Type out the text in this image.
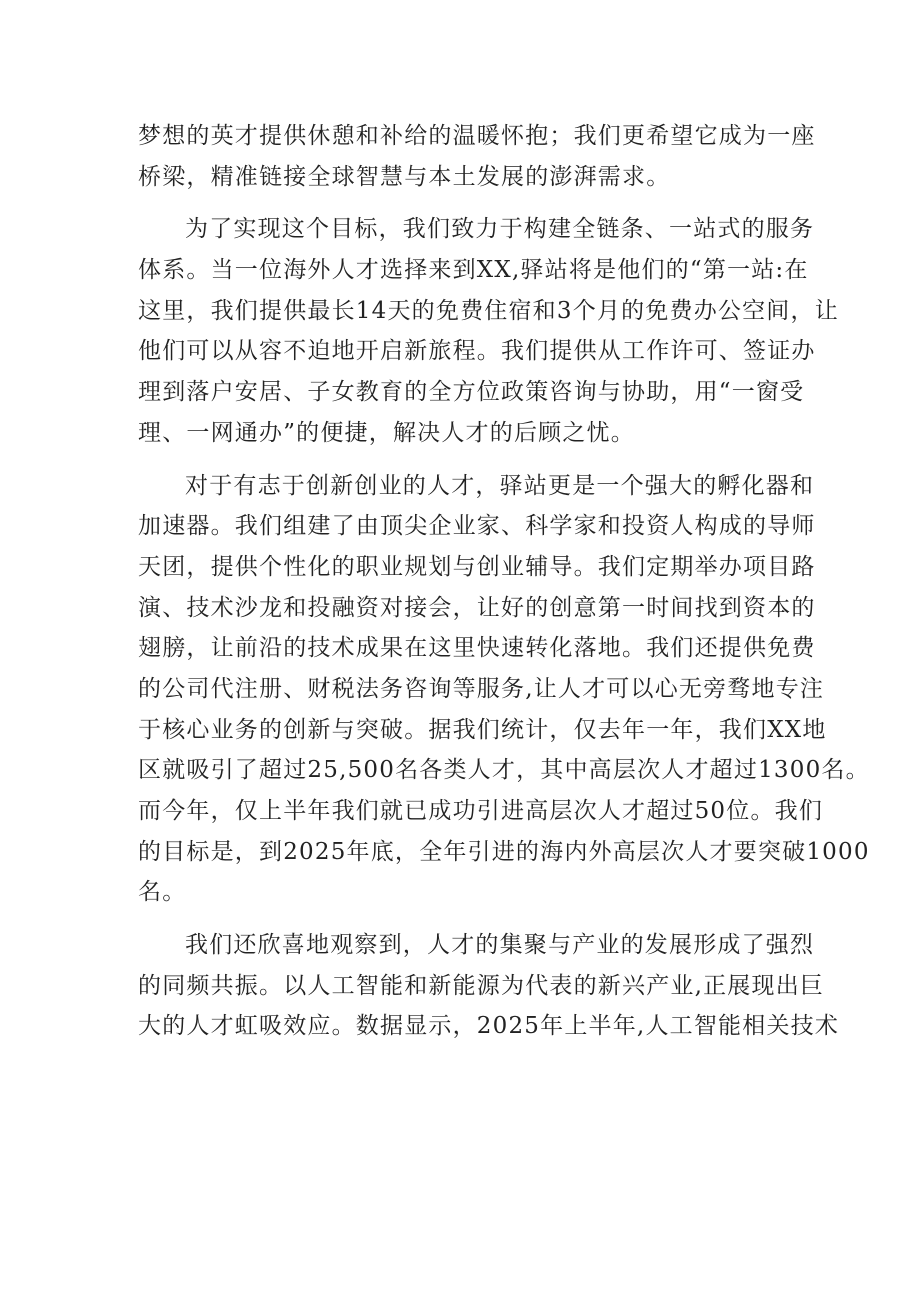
梦想的英才提供休憩和补给的温暖怀抱；我们更希望它成为一座
桥梁，精准链接全球智慧与本土发展的澎湃需求。
为了实现这个目标，我们致力于构建全链条、一站式的服务
体系。当一位海外人才选择来到XX,驿站将是他们的“第一站:在
这里，我们提供最长14天的免费住宿和3个月的免费办公空间，让
他们可以从容不迫地开启新旅程。我们提供从工作许可、签证办
理到落户安居、子女教育的全方位政策咨询与协助，用“一窗受
理、一网通办”的便捷，解决人才的后顾之忧。
对于有志于创新创业的人才，驿站更是一个强大的孵化器和
加速器。我们组建了由顶尖企业家、科学家和投资人构成的导师
天团，提供个性化的职业规划与创业辅导。我们定期举办项目路
演、技术沙龙和投融资对接会，让好的创意第一时间找到资本的
翅膀，让前沿的技术成果在这里快速转化落地。我们还提供免费
的公司代注册、财税法务咨询等服务,让人才可以心无旁骛地专注
于核心业务的创新与突破。据我们统计，仅去年一年，我们XX地
区就吸引了超过25,500名各类人才，其中高层次人才超过1300名。
而今年，仅上半年我们就已成功引进高层次人才超过50位。我们
的目标是，到2025年底，全年引进的海内外高层次人才要突破1000
名。
我们还欣喜地观察到，人才的集聚与产业的发展形成了强烈
的同频共振。以人工智能和新能源为代表的新兴产业,正展现出巨
大的人才虹吸效应。数据显示，2025年上半年,人工智能相关技术
